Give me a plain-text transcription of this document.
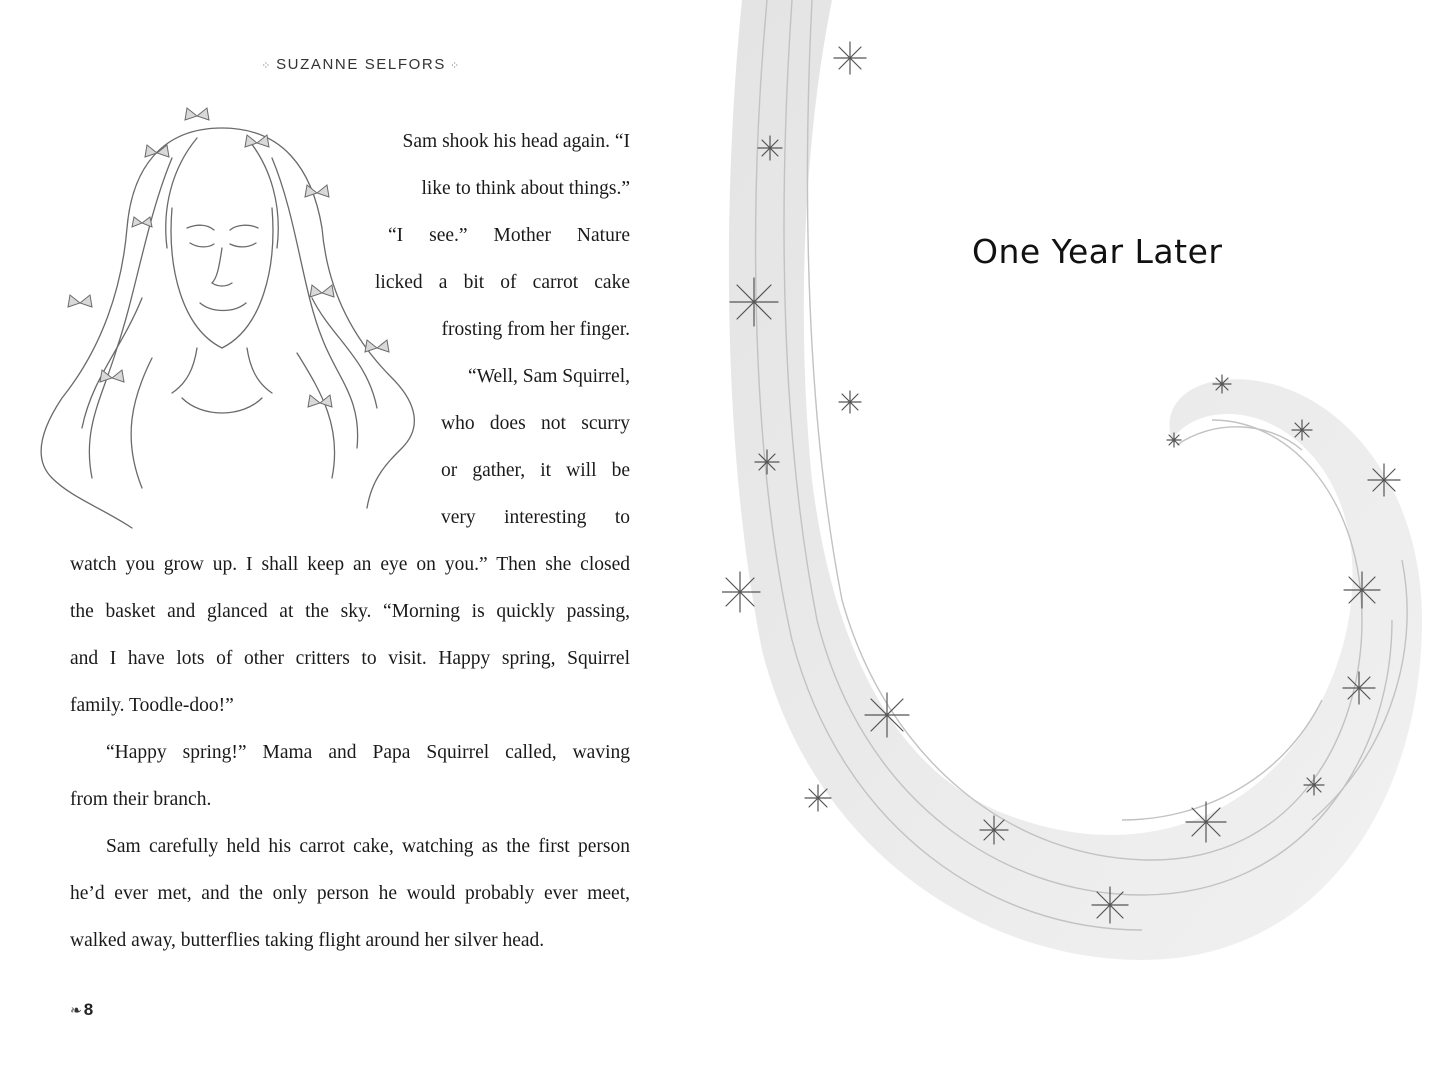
⁘ SUZANNE SELFORS ⁘
Sam shook his head again. “I
like to think about things.”
“I see.” Mother Nature
licked a bit of carrot cake
frosting from her finger.
“Well, Sam Squirrel,
who does not scurry
or gather, it will be
very interesting to
watch you grow up. I shall keep an eye on you.” Then she closed
the basket and glanced at the sky. “Morning is quickly passing,
and I have lots of other critters to visit. Happy spring, Squirrel
family. Toodle-doo!”
“Happy spring!” Mama and Papa Squirrel called, waving
from their branch.
Sam carefully held his carrot cake, watching as the first person
he’d ever met, and the only person he would probably ever meet,
walked away, butterflies taking flight around her silver head.
❧ 8
One Year Later
